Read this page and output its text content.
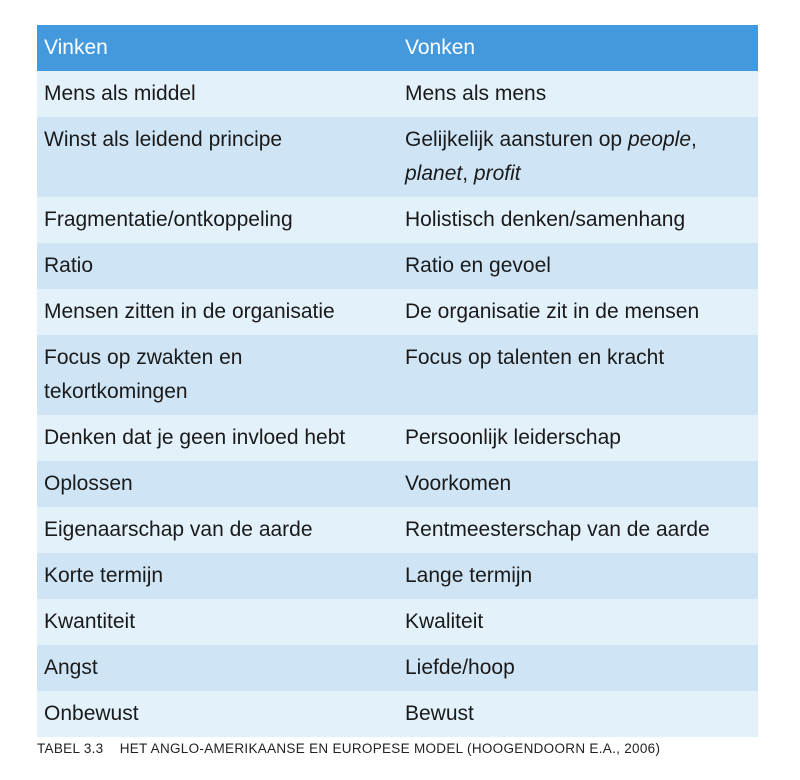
Vinken	Vonken
Mens als middel	Mens als mens
Winst als leidend principe	Gelijkelijk aansturen op people, planet, profit
Fragmentatie/ontkoppeling	Holistisch denken/samenhang
Ratio	Ratio en gevoel
Mensen zitten in de organisatie	De organisatie zit in de mensen
Focus op zwakten en tekortkomingen	Focus op talenten en kracht
Denken dat je geen invloed hebt	Persoonlijk leiderschap
Oplossen	Voorkomen
Eigenaarschap van de aarde	Rentmeesterschap van de aarde
Korte termijn	Lange termijn
Kwantiteit	Kwaliteit
Angst	Liefde/hoop
Onbewust	Bewust
TABEL 3.3 HET ANGLO-AMERIKAANSE EN EUROPESE MODEL (HOOGENDOORN E.A., 2006)
